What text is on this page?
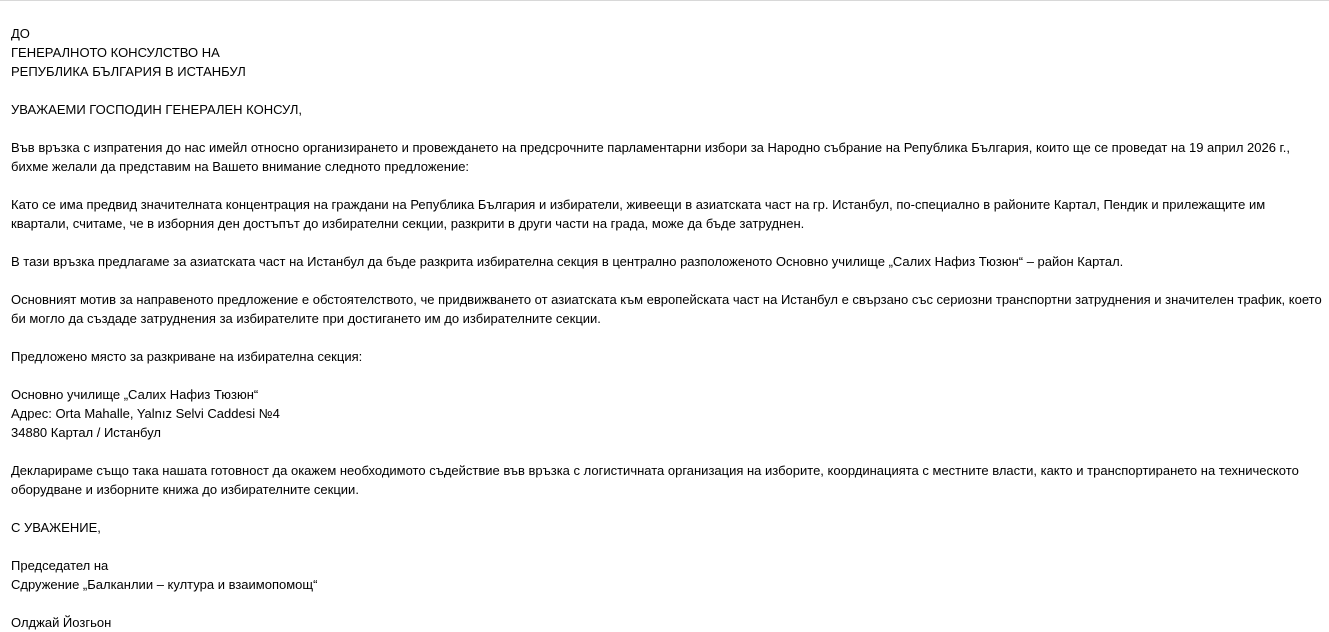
ДО
ГЕНЕРАЛНОТО КОНСУЛСТВО НА
РЕПУБЛИКА БЪЛГАРИЯ В ИСТАНБУЛ
УВАЖАЕМИ ГОСПОДИН ГЕНЕРАЛЕН КОНСУЛ,

Във връзка с изпратения до нас имейл относно организирането и провеждането на предсрочните парламентарни избори за Народно събрание на Република България, които ще се проведат на 19 април 2026 г., бихме желали да представим на Вашето внимание следното предложение:

Като се има предвид значителната концентрация на граждани на Република България и избиратели, живеещи в азиатската част на гр. Истанбул, по-специално в районите Картал, Пендик и прилежащите им квартали, считаме, че в изборния ден достъпът до избирателни секции, разкрити в други части на града, може да бъде затруднен.

В тази връзка предлагаме за азиатската част на Истанбул да бъде разкрита избирателна секция в централно разположеното Основно училище „Салих Нафиз Тюзюн“ – район Картал.

Основният мотив за направеното предложение е обстоятелството, че придвижването от азиатската към европейската част на Истанбул е свързано със сериозни транспортни затруднения и значителен трафик, което би могло да създаде затруднения за избирателите при достигането им до избирателните секции.

Предложено място за разкриване на избирателна секция:

Основно училище „Салих Нафиз Тюзюн“
Адрес: Orta Mahalle, Yalnız Selvi Caddesi №4
34880 Картал / Истанбул

Декларираме също така нашата готовност да окажем необходимото съдействие във връзка с логистичната организация на изборите, координацията с местните власти, както и транспортирането на техническото оборудване и изборните книжа до избирателните секции.

С УВАЖЕНИЕ,
Председател на
Сдружение „Балканлии – култура и взаимопомощ“
Олджай Йозгьон
